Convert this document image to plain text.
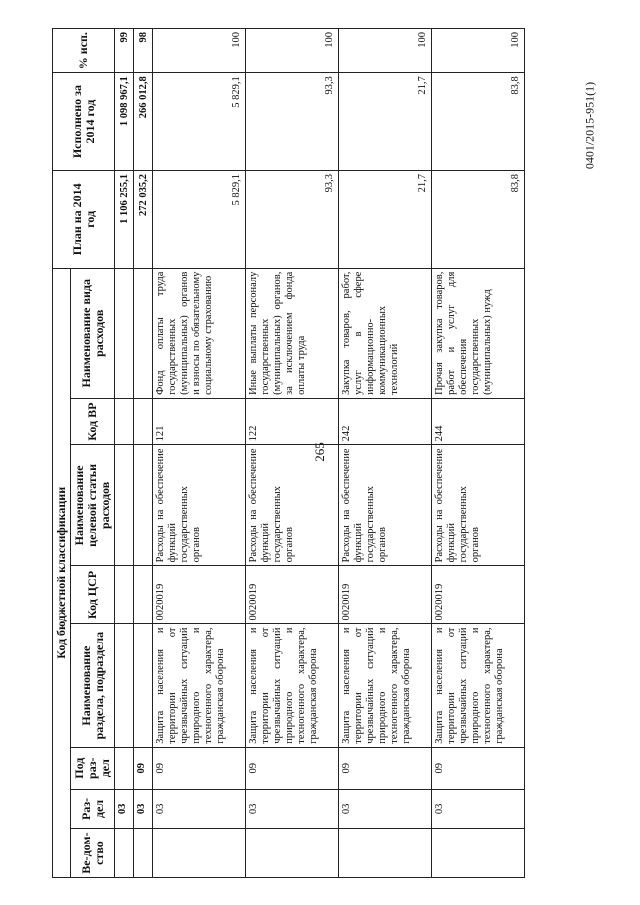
265
0401/2015-951(1)
Код бюджетной классификации								План на 2014 год	Исполнено за 2014 год	% исп.
Ве-дом-ство	Раз-дел	Под раз-дел	Наименование раздела, подраздела	Код ЦСР	Наименование целевой статьи расходов	Код ВР	Наименование вида расходов			
	03							1 106 255,1	1 098 967,1	99
	03	09						272 035,2	266 012,8	98
	03	09	Защита населения и территории от чрезвычайных ситуаций природного и техногенного характера, гражданская оборона	0020019	Расходы на обеспечение функций государственных органов	121	Фонд оплаты труда государственных (муниципальных) органов и взносы по обязательному социальному страхованию	5 829,1	5 829,1	100
	03	09	Защита населения и территории от чрезвычайных ситуаций природного и техногенного характера, гражданская оборона	0020019	Расходы на обеспечение функций государственных органов	122	Иные выплаты персоналу государственных (муниципальных) органов, за исключением фонда оплаты труда	93,3	93,3	100
	03	09	Защита населения и территории от чрезвычайных ситуаций природного и техногенного характера, гражданская оборона	0020019	Расходы на обеспечение функций государственных органов	242	Закупка товаров, работ, услуг в сфере информационно-коммуникационных технологий	21,7	21,7	100
	03	09	Защита населения и территории от чрезвычайных ситуаций природного и техногенного характера, гражданская оборона	0020019	Расходы на обеспечение функций государственных органов	244	Прочая закупка товаров, работ и услуг для обеспечения государственных (муниципальных) нужд	83,8	83,8	100
